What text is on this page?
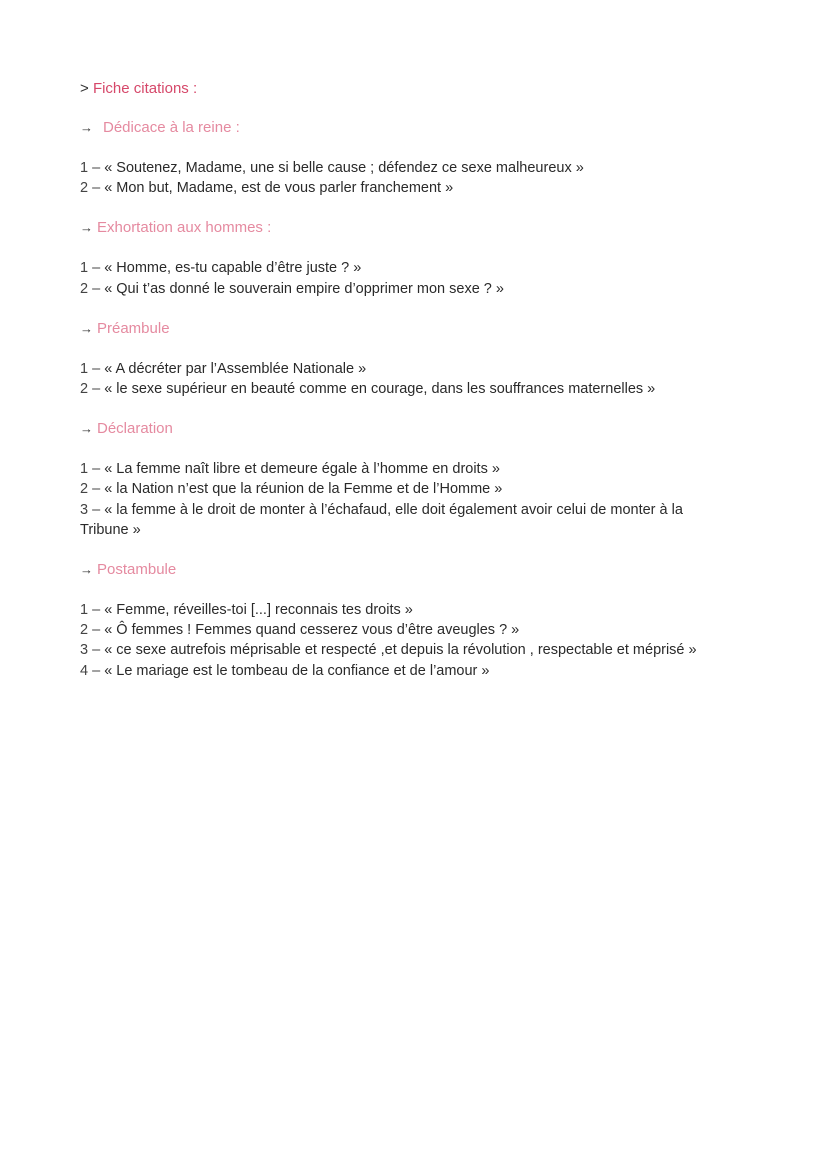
> Fiche citations :
→ Dédicace à la reine :
1 – « Soutenez, Madame, une si belle cause ; défendez ce sexe malheureux »
2 – « Mon but, Madame, est de vous parler franchement »
→ Exhortation aux hommes :
1 – « Homme, es-tu capable d’être juste ? »
2 – « Qui t’as donné le souverain empire d’opprimer mon sexe ? »
→ Préambule
1 – « A décréter par l’Assemblée Nationale »
2 – « le sexe supérieur en beauté comme en courage, dans les souffrances maternelles »
→ Déclaration
1 – « La femme naît libre et demeure égale à l’homme en droits »
2 – « la Nation n’est que la réunion de la Femme et de l’Homme »
3 – « la femme à le droit de monter à l’échafaud, elle doit également avoir celui de monter à la Tribune »
→ Postambule
1 – « Femme, réveilles-toi [...] reconnais tes droits »
2 – « Ô femmes ! Femmes quand cesserez vous d’être aveugles ? »
3 – « ce sexe autrefois méprisable et respecté ,et depuis la révolution , respectable et méprisé »
4 – « Le mariage est le tombeau de la confiance et de l’amour »
